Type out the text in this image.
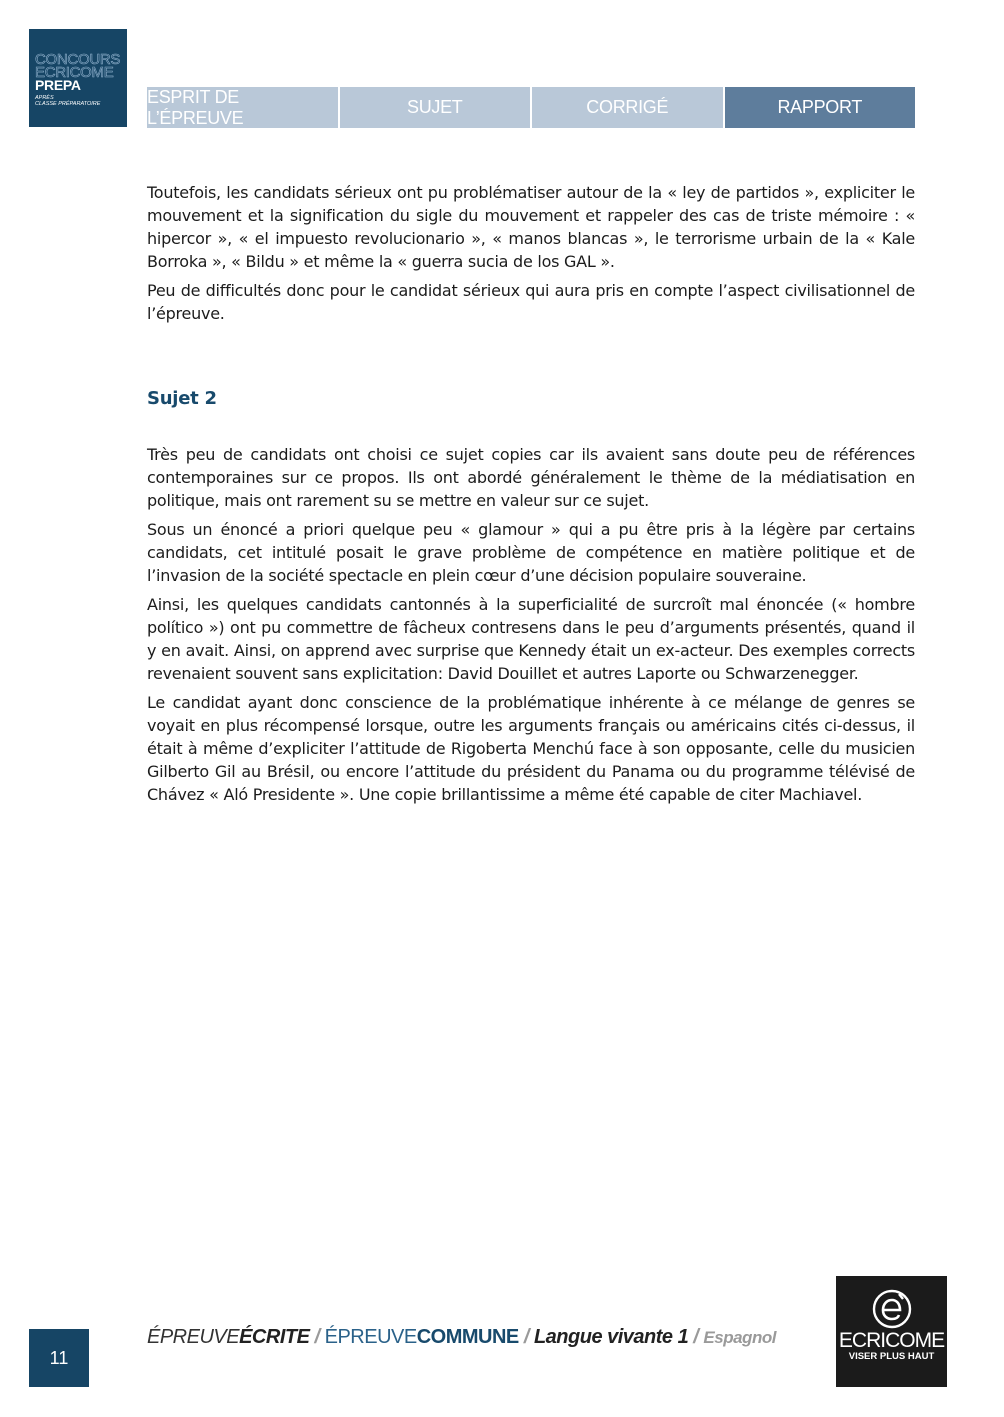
CONCOURS
ECRICOME
PREPA
APRÈS
CLASSE PRÉPARATOIRE	ESPRIT DE L’ÉPREUVE
SUJET	CORRIGÉ	RAPPORT

Toutefois, les candidats sérieux ont pu problématiser autour de la « ley de partidos », expliciter le mouvement et la signification du sigle du mouvement et rappeler des cas de triste mémoire : « hipercor », « el impuesto revolucionario », « manos blancas », le terrorisme urbain de la « Kale Borroka », « Bildu » et même la « guerra sucia de los GAL ».

Peu de difficultés donc pour le candidat sérieux qui aura pris en compte l’aspect civilisationnel de l’épreuve.

Sujet 2

Très peu de candidats ont choisi ce sujet copies car ils avaient sans doute peu de références contemporaines sur ce propos. Ils ont abordé généralement le thème de la médiatisation en politique, mais ont rarement su se mettre en valeur sur ce sujet.

Sous un énoncé a priori quelque peu « glamour » qui a pu être pris à la légère par certains candidats, cet intitulé posait le grave problème de compétence en matière politique et de l’invasion de la société spectacle en plein cœur d’une décision populaire souveraine.

Ainsi, les quelques candidats cantonnés à la superficialité de surcroît mal énoncée (« hombre político ») ont pu commettre de fâcheux contresens dans le peu d’arguments présentés, quand il y en avait. Ainsi, on apprend avec surprise que Kennedy était un ex-acteur. Des exemples corrects revenaient souvent sans explicitation: David Douillet et autres Laporte ou Schwarzenegger.

Le candidat ayant donc conscience de la problématique inhérente à ce mélange de genres se voyait en plus récompensé lorsque, outre les arguments français ou américains cités ci-dessus, il était à même d’expliciter l’attitude de Rigoberta Menchú face à son opposante, celle du musicien Gilberto Gil au Brésil, ou encore l’attitude du président du Panama ou du programme télévisé de Chávez « Aló Presidente ». Une copie brillantissime a même été capable de citer Machiavel.

11
ÉPREUVEÉCRITE / ÉPREUVECOMMUNE / Langue vivante 1 / Espagnol	ECRICOME
VISER PLUS HAUT
